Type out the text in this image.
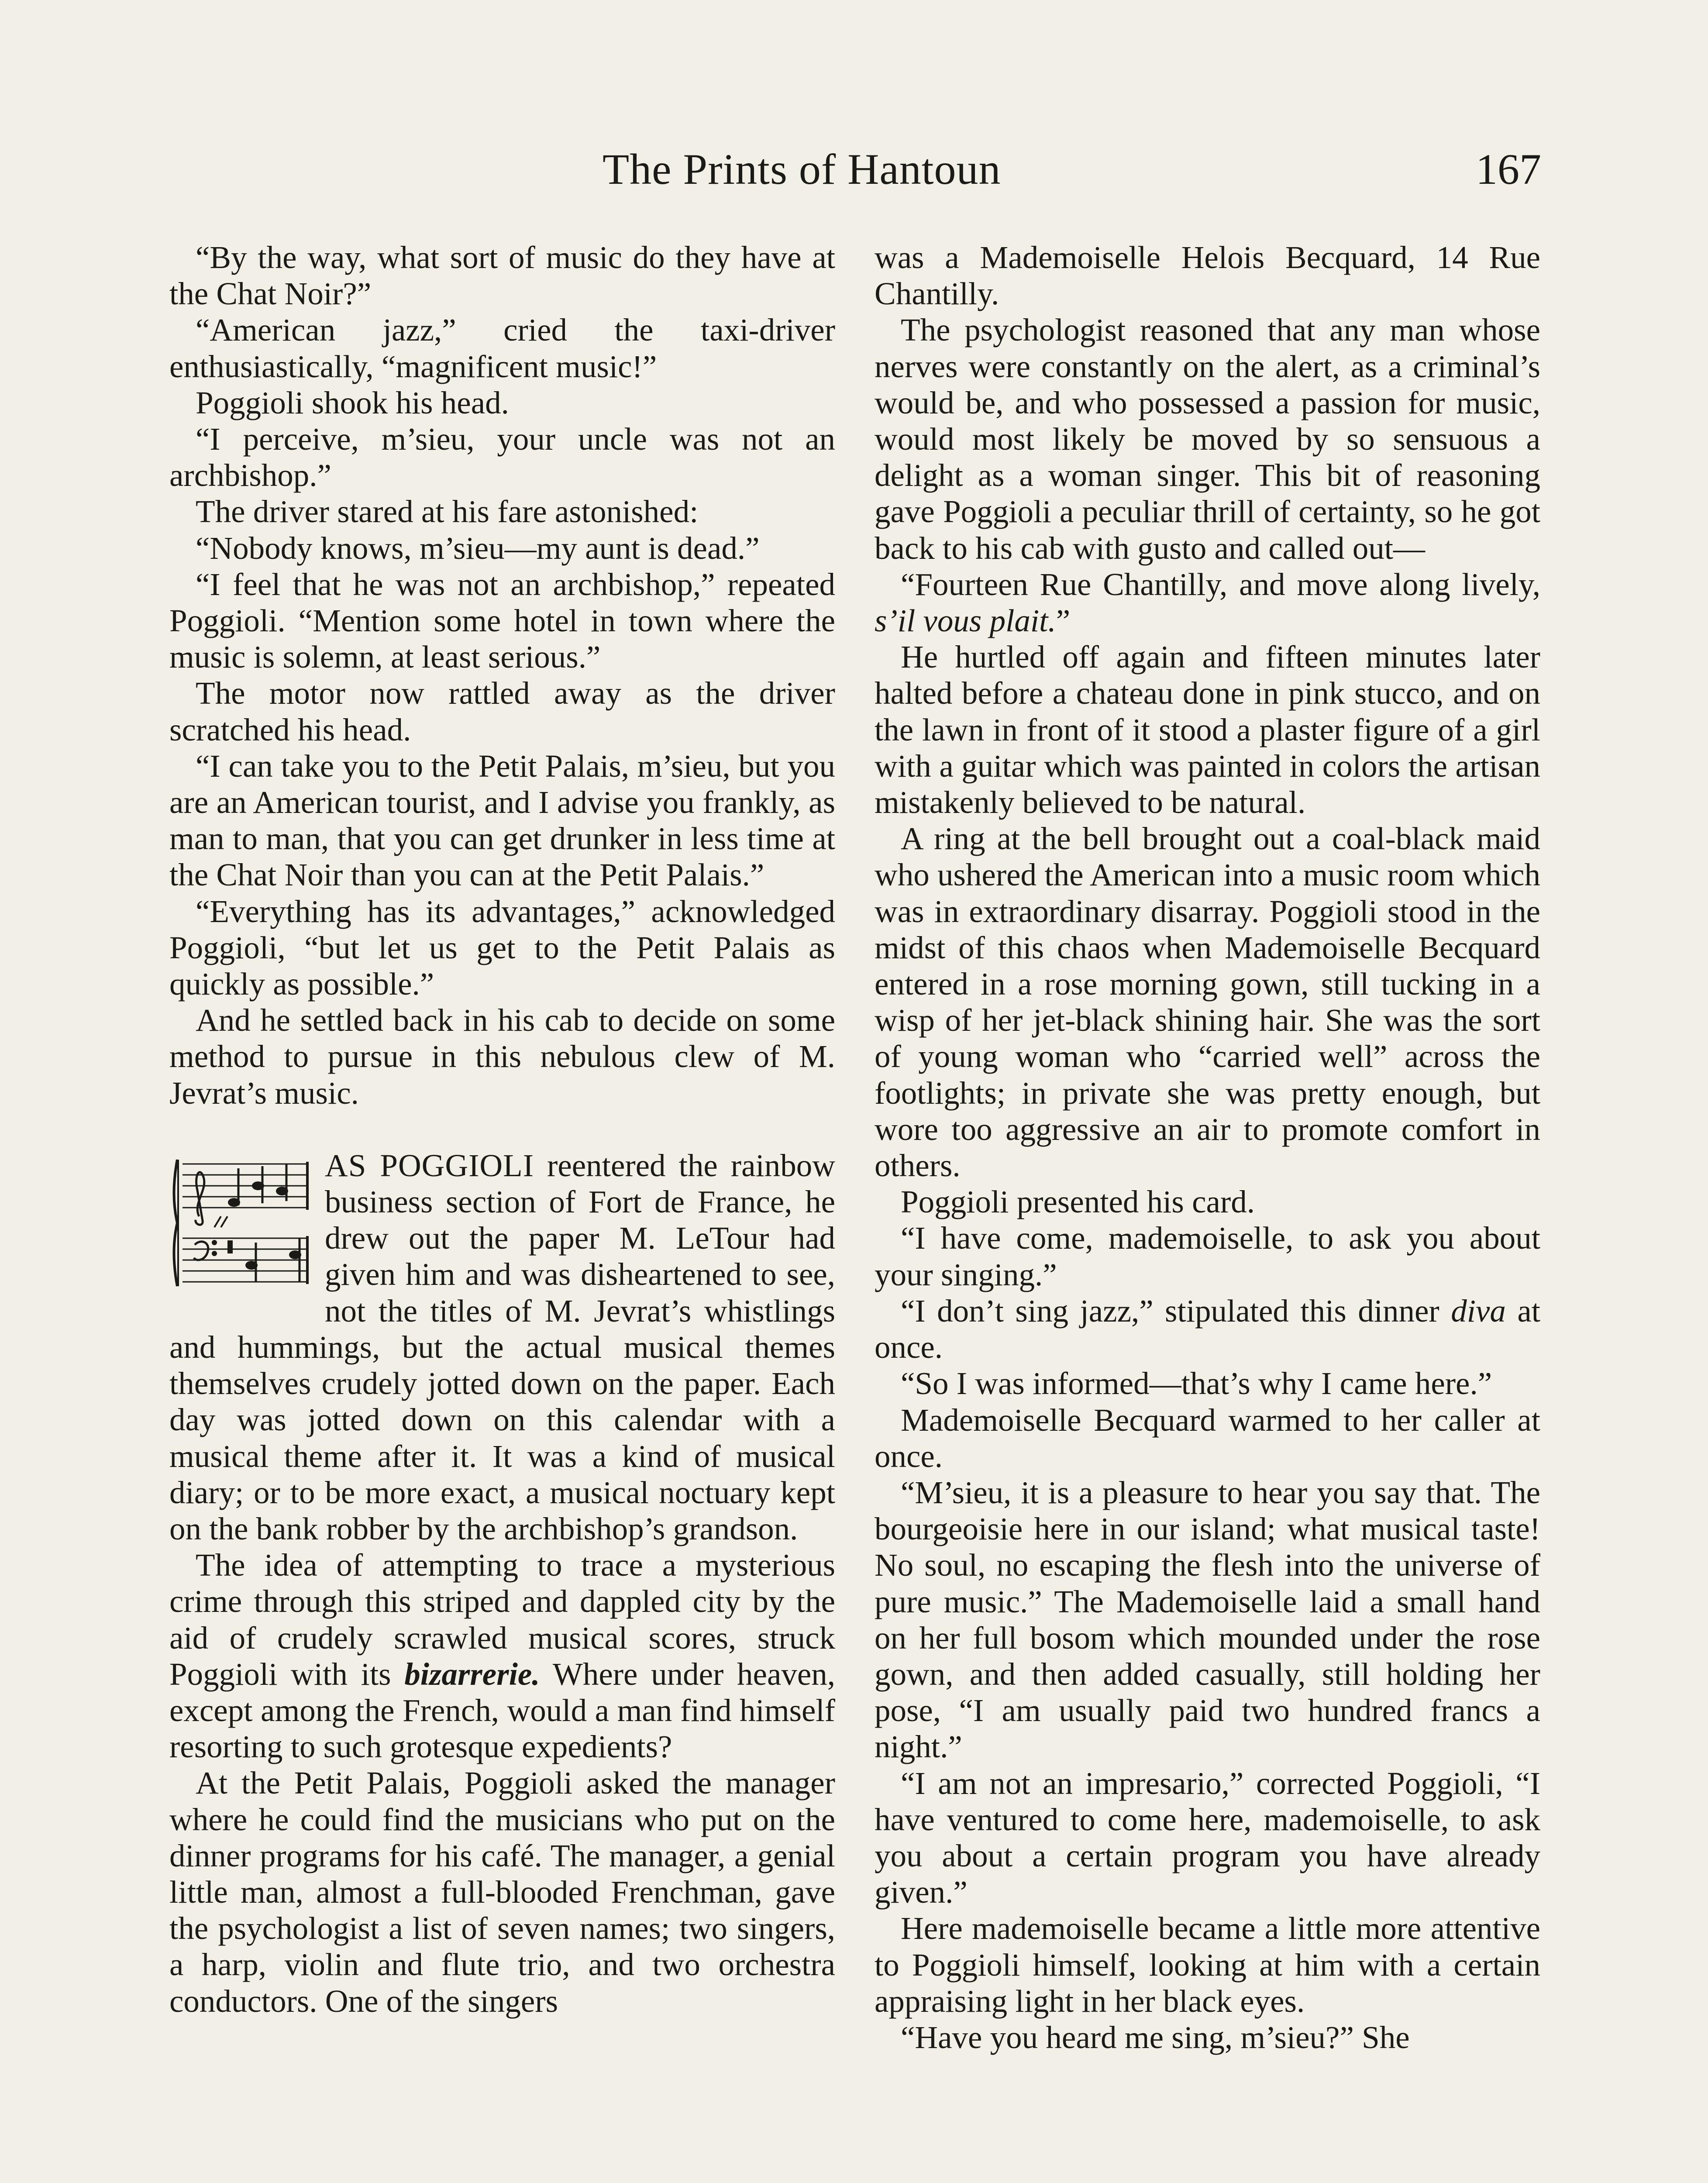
The Prints of Hantoun	167

“By the way, what sort of music do they have at the Chat Noir?”

“American jazz,” cried the taxi-driver enthusiastically, “magnificent music!”

Poggioli shook his head.

“I perceive, m’sieu, your uncle was not an archbishop.”

The driver stared at his fare astonished:

“Nobody knows, m’sieu—my aunt is dead.”

“I feel that he was not an archbishop,” repeated Poggioli. “Mention some hotel in town where the music is solemn, at least serious.”

The motor now rattled away as the driver scratched his head.

“I can take you to the Petit Palais, m’sieu, but you are an American tourist, and I advise you frankly, as man to man, that you can get drunker in less time at the Chat Noir than you can at the Petit Palais.”

“Everything has its advantages,” acknowledged Poggioli, “but let us get to the Petit Palais as quickly as possible.”

And he settled back in his cab to decide on some method to pursue in this nebulous clew of M. Jevrat’s music.

AS POGGIOLI reentered the rainbow business section of Fort de France, he drew out the paper M. LeTour had given him and was disheartened to see, not the titles of M. Jevrat’s whistlings and hummings, but the actual musical themes themselves crudely jotted down on the paper. Each day was jotted down on this calendar with a musical theme after it. It was a kind of musical diary; or to be more exact, a musical noctuary kept on the bank robber by the archbishop’s grandson.

The idea of attempting to trace a mysterious crime through this striped and dappled city by the aid of crudely scrawled musical scores, struck Poggioli with its bizarrerie. Where under heaven, except among the French, would a man find himself resorting to such grotesque expedients?

At the Petit Palais, Poggioli asked the manager where he could find the musicians who put on the dinner programs for his café. The manager, a genial little man, almost a full-blooded Frenchman, gave the psychologist a list of seven names; two singers, a harp, violin and flute trio, and two orchestra conductors. One of the singers

was a Mademoiselle Helois Becquard, 14 Rue Chantilly.

The psychologist reasoned that any man whose nerves were constantly on the alert, as a criminal’s would be, and who possessed a passion for music, would most likely be moved by so sensuous a delight as a woman singer. This bit of reasoning gave Poggioli a peculiar thrill of certainty, so he got back to his cab with gusto and called out—

“Fourteen Rue Chantilly, and move along lively, s’il vous plait.”

He hurtled off again and fifteen minutes later halted before a chateau done in pink stucco, and on the lawn in front of it stood a plaster figure of a girl with a guitar which was painted in colors the artisan mistakenly believed to be natural.

A ring at the bell brought out a coal-black maid who ushered the American into a music room which was in extraordinary disarray. Poggioli stood in the midst of this chaos when Mademoiselle Becquard entered in a rose morning gown, still tucking in a wisp of her jet-black shining hair. She was the sort of young woman who “carried well” across the footlights; in private she was pretty enough, but wore too aggressive an air to promote comfort in others.

Poggioli presented his card.

“I have come, mademoiselle, to ask you about your singing.”

“I don’t sing jazz,” stipulated this dinner diva at once.

“So I was informed—that’s why I came here.”

Mademoiselle Becquard warmed to her caller at once.

“M’sieu, it is a pleasure to hear you say that. The bourgeoisie here in our island; what musical taste! No soul, no escaping the flesh into the universe of pure music.” The Mademoiselle laid a small hand on her full bosom which mounded under the rose gown, and then added casually, still holding her pose, “I am usually paid two hundred francs a night.”

“I am not an impresario,” corrected Poggioli, “I have ventured to come here, mademoiselle, to ask you about a certain program you have already given.”

Here mademoiselle became a little more attentive to Poggioli himself, looking at him with a certain appraising light in her black eyes.

“Have you heard me sing, m’sieu?” She
